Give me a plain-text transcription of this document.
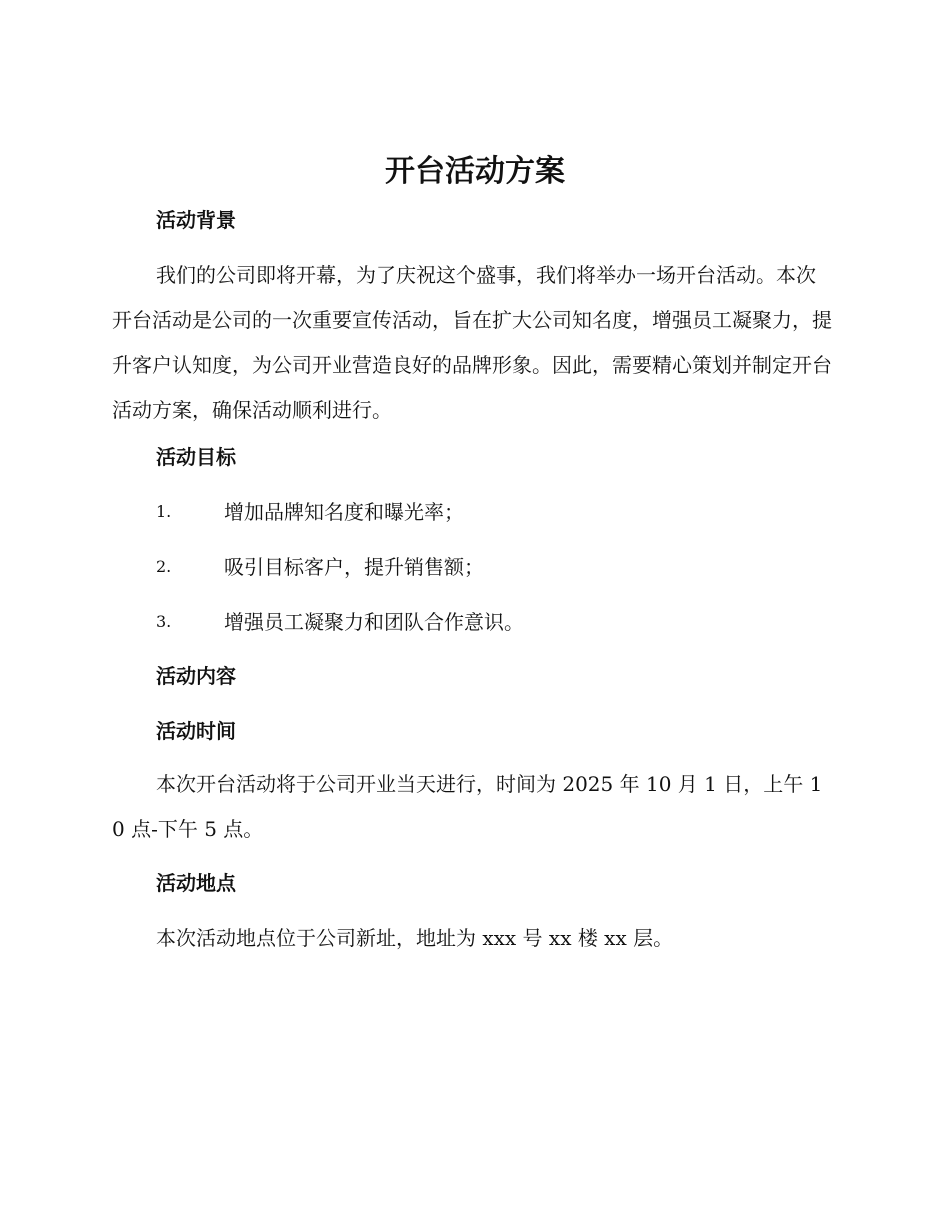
开台活动方案
活动背景
我们的公司即将开幕，为了庆祝这个盛事，我们将举办一场开台活动。本次开台活动是公司的一次重要宣传活动，旨在扩大公司知名度，增强员工凝聚力，提升客户认知度，为公司开业营造良好的品牌形象。因此，需要精心策划并制定开台活动方案，确保活动顺利进行。
活动目标
1.	增加品牌知名度和曝光率；
2.	吸引目标客户，提升销售额；
3.	增强员工凝聚力和团队合作意识。
活动内容
活动时间
本次开台活动将于公司开业当天进行，时间为 2025 年 10 月 1 日，上午 10 点-下午 5 点。
活动地点
本次活动地点位于公司新址，地址为 xxx 号 xx 楼 xx 层。
